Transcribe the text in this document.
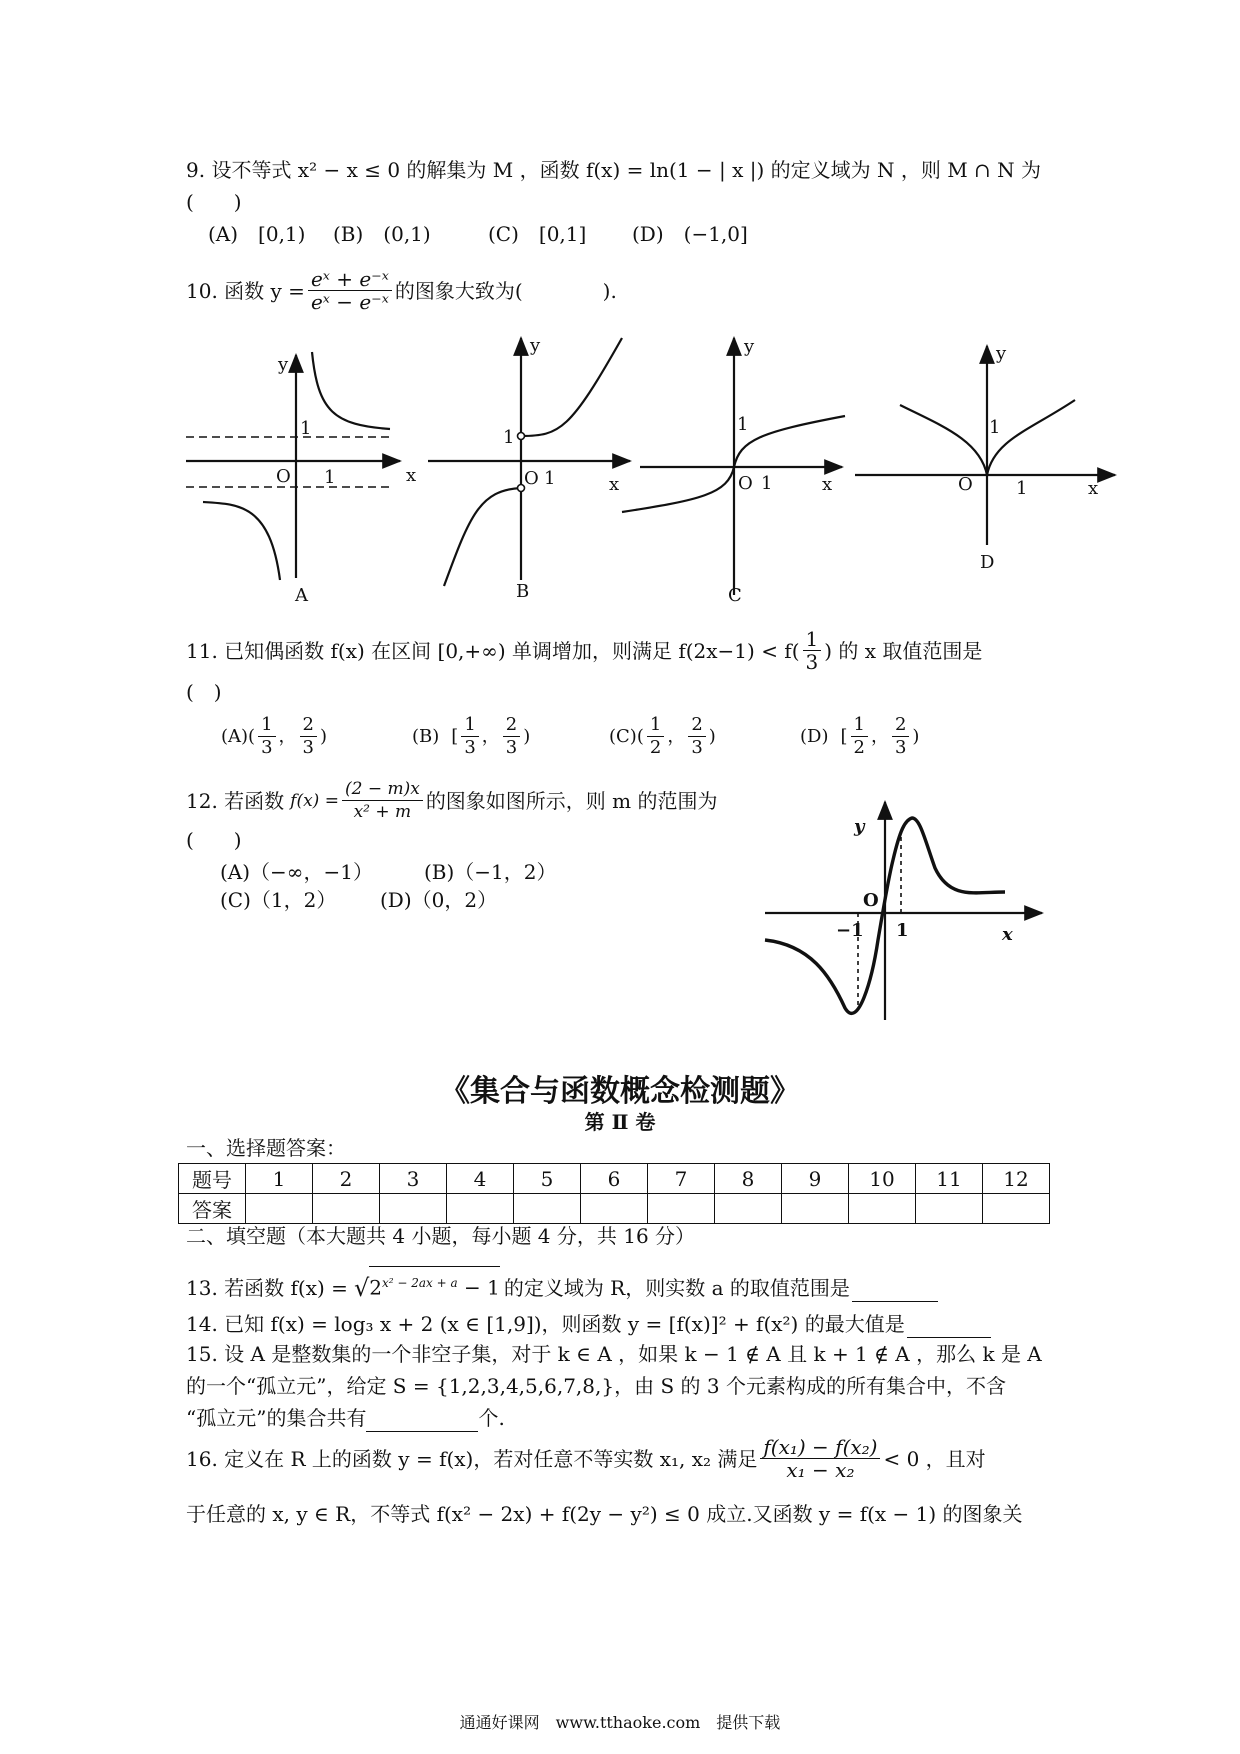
9. 设不等式 x² − x ≤ 0 的解集为 M ，函数 f(x) = ln(1 − | x |) 的定义域为 N ，则 M ∩ N 为
(　　)
(A)　[0,1) (B)　(0,1)	(C)　[0,1] (D)　(−1,0]
10. 函数 $y = \frac{\text{eˣ + e⁻ˣ}}{\text{eˣ − e⁻ˣ}}$ 的图象大致为(　　　　).
y
x
O
1
1
A
y
x
O 1
1
B
y
x
O 1
1
C
y
x
O 1
1
D
11. 已知偶函数 f(x) 在区间 [0,+∞) 单调增加，则满足 $f(2x-1) < f( \frac{1}{3}$ ) 的 x 取值范围是
(　)
(A) ( $\frac{1}{3}$ ， $\frac{2}{3}$ )	(B) [ $\frac{1}{3}$ ， $\frac{2}{3}$ )	(C) ( $\frac{1}{2}$ ， $\frac{2}{3}$ )	(D) [ $\frac{1}{2}$ ， $\frac{2}{3}$ )
12. 若函数 $f(x) = \frac{(2 - m)x}{\text{x² + m}}$ 的图象如图所示，则 m 的范围为
(　　)
(A)（−∞，−1）	(B)（−1，2）
(C)（1，2） (D)（0，2）
y
x
O
−1 1
《集合与函数概念检测题》
第 Ⅱ 卷
一、选择题答案：
题号	1	2	3	4	5	6	7	8	9	10	11	12
答案												
二、填空题（本大题共 4 小题，每小题 4 分，共 16 分）
13. 若函数 f(x) = √ $2^{x^2 - 2ax + a} - 1$ 的定义域为 R，则实数 a 的取值范围是
14. 已知 f(x) = log₃ x + 2 (x ∈ [1,9])，则函数 y = [f(x)]² + f(x²) 的最大值是
15. 设 A 是整数集的一个非空子集，对于 k ∈ A ，如果 k − 1 ∉ A 且 k + 1 ∉ A ，那么 k 是 A
的一个“孤立元”，给定 S = {1,2,3,4,5,6,7,8,}，由 S 的 3 个元素构成的所有集合中，不含
“孤立元”的集合共有	个.
16. 定义在 R 上的函数 y = f(x)，若对任意不等实数 x₁, x₂ 满足 $\frac{\text{f(x₁) − f(x₂)}}{\text{x₁ − x₂}} < 0$ ，且对
于任意的 x, y ∈ R，不等式 f(x² − 2x) + f(2y − y²) ≤ 0 成立.又函数 y = f(x − 1) 的图象关
通通好课网　www.tthaoke.com　提供下载
